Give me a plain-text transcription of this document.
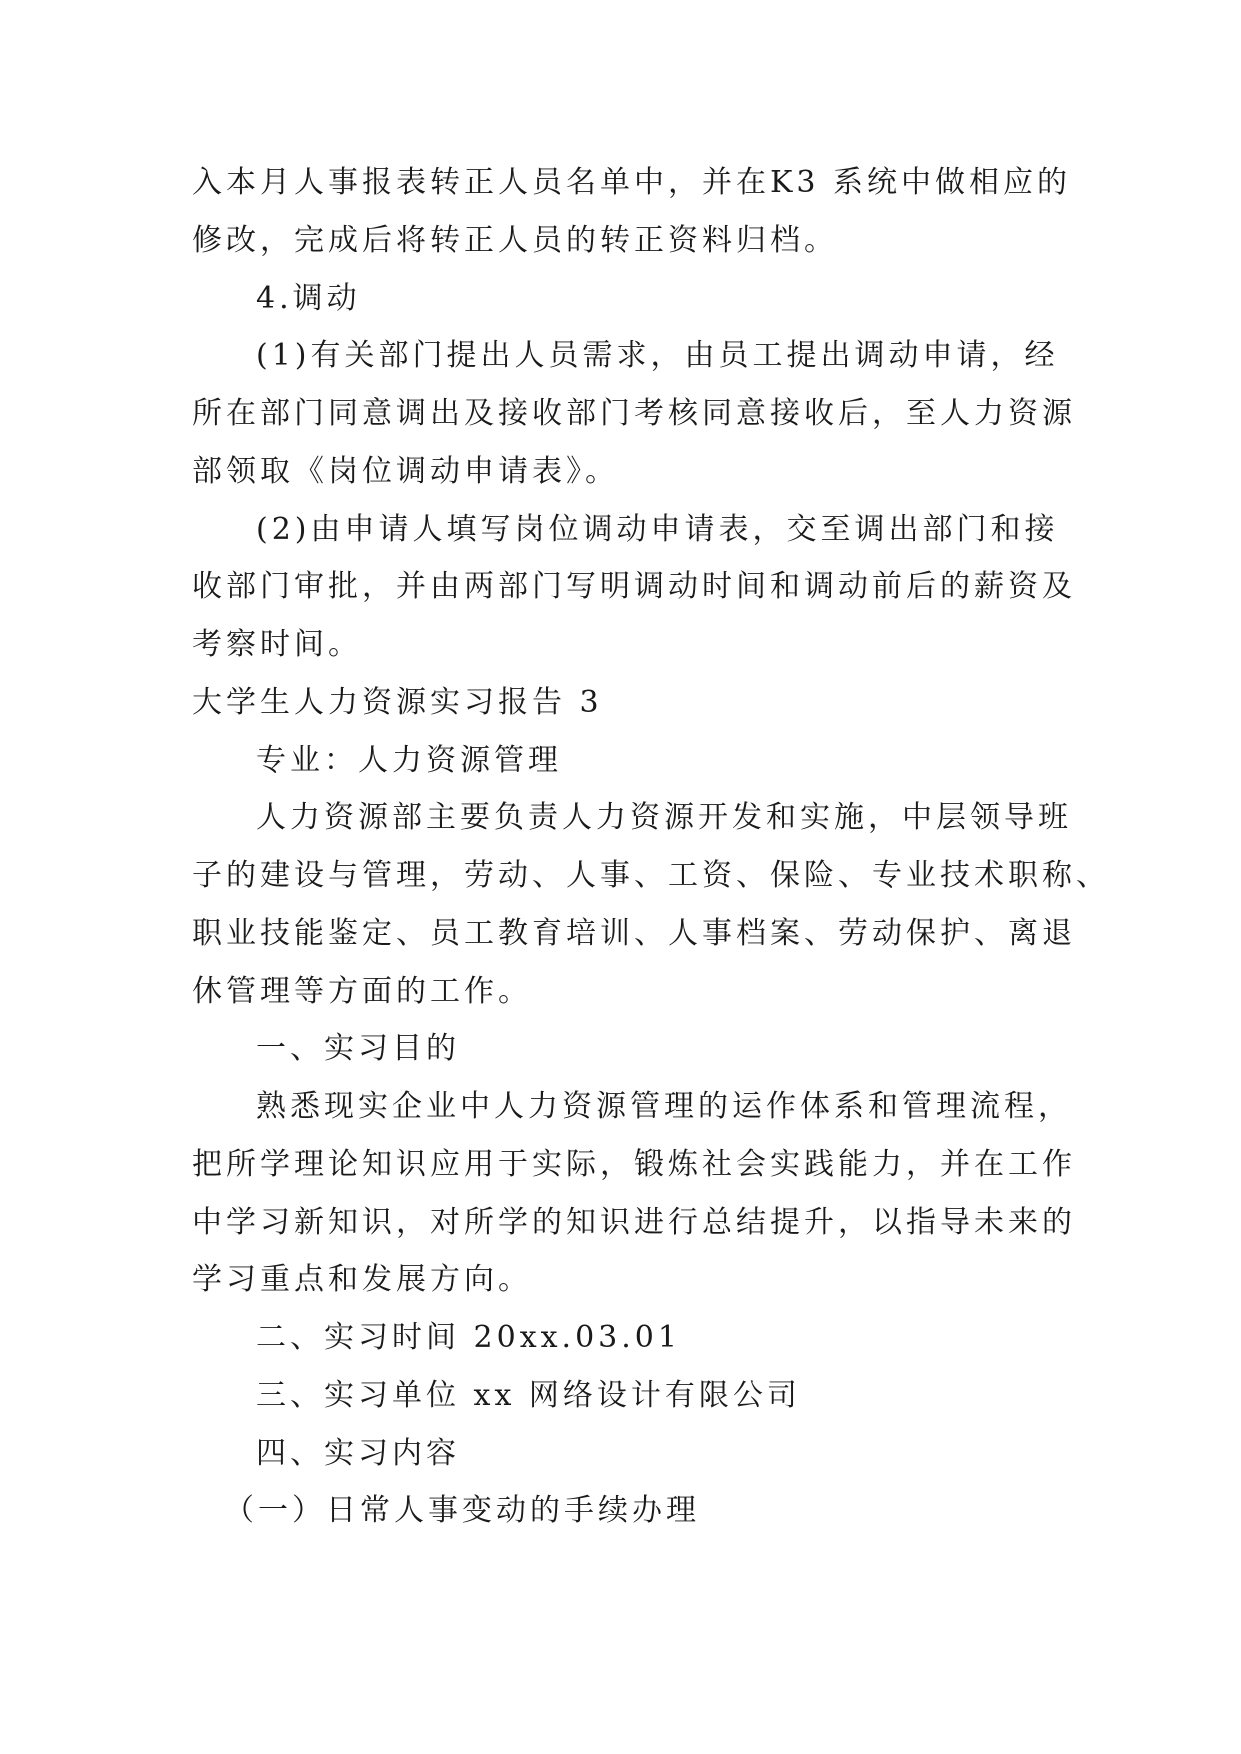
入本月人事报表转正人员名单中，并在K3 系统中做相应的
修改，完成后将转正人员的转正资料归档。
4.调动
(1)有关部门提出人员需求，由员工提出调动申请，经
所在部门同意调出及接收部门考核同意接收后，至人力资源
部领取《岗位调动申请表》。
(2)由申请人填写岗位调动申请表，交至调出部门和接
收部门审批，并由两部门写明调动时间和调动前后的薪资及
考察时间。
大学生人力资源实习报告 3
专业：人力资源管理
人力资源部主要负责人力资源开发和实施，中层领导班
子的建设与管理，劳动、人事、工资、保险、专业技术职称、
职业技能鉴定、员工教育培训、人事档案、劳动保护、离退
休管理等方面的工作。
一、实习目的
熟悉现实企业中人力资源管理的运作体系和管理流程，
把所学理论知识应用于实际，锻炼社会实践能力，并在工作
中学习新知识，对所学的知识进行总结提升，以指导未来的
学习重点和发展方向。
二、实习时间 20xx.03.01
三、实习单位 xx 网络设计有限公司
四、实习内容
（一）日常人事变动的手续办理
